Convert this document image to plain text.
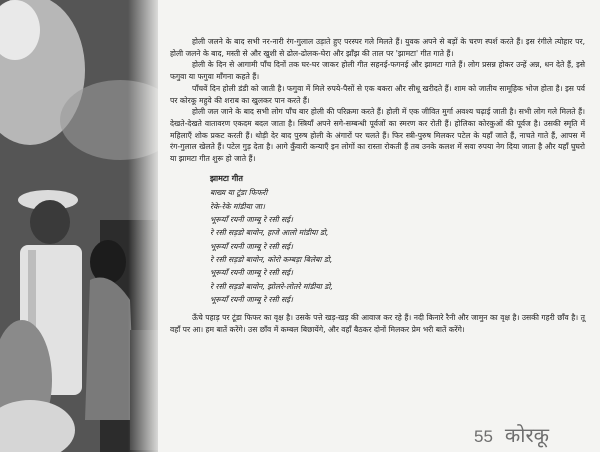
होली जलने के बाद सभी नर-नारी रंग-गुलाल उड़ाते हुए परस्पर गले मिलते हैं। युवक अपने से बड़ों के चरण स्पर्श करते हैं। इस रंगीले त्योहार पर, होली जलने के बाद, मस्ती से और खुशी से ढोल-ढोलक-घेरा और झाँझ की ताल पर 'झामटा' गीत गाते हैं।

होली के दिन से आगामी पाँच दिनों तक घर-घर जाकर होली गीत सहनई-फगनई और झामटा गाते हैं। लोग प्रसन्न होकर उन्हें अन्न, धन देते हैं, इसे फगुवा या फगुवा माँगना कहते हैं।

पाँचवें दिन होली डंडी को जाती है। फगुवा में मिले रुपये-पैसों से एक बकरा और सीधू खरीदते हैं। शाम को जातीय सामूहिक भोज होता है। इस पर्व पर कोरकू महुवे की शराब का खुलकर पान करते हैं।

होली जल जाने के बाद सभी लोग पाँच बार होली की परिक्रमा करते हैं। होली में एक जीवित मुर्गा अवश्य चढ़ाई जाती है। सभी लोग गले मिलते हैं। देखते-देखते वातावरण एकदम बदल जाता है। स्त्रियाँ अपने सगे-सम्बन्धी पूर्वजों का स्मरण कर रोती हैं। होलिका कोरकुओं की पूर्वज है। उसकी स्मृति में महिलाएँ शोक प्रकट करती हैं। थोड़ी देर बाद पुरुष होली के अंगारों पर चलते हैं। फिर स्त्री-पुरुष मिलकर पटेल के यहाँ जाते हैं, नाचते गाते हैं, आपस में रंग-गुलाल खेलते हैं। पटेल गुड़ देता है। आगे कुँवारी कन्याएँ इन लोगों का रास्ता रोकती हैं तब उनके कलश में सवा रुपया नेग दिया जाता है और यहाँ घुघरो या झामटा गीत शुरू हो जाते हैं।

झामटा गीत

बाख्य या टूंडा फिफरी

रेके-रेके मांडीया जा।

भूरूयाँ रयनी जाम्बू रे रसी सई।

रे रसी सड़डो बावोन, हाजे आलो मांडीया डो,

भूरूयाँ रयनी जाम्बू रे रसी सई।

रे रसी सड़डो बावोन, कोरो कम्बड़ा बिलेबा डो,

भूरूयाँ रयनी जाम्बू रे रसी सई।

रे रसी सड़डो बावोन, झोलरे-लोतरे मांडीया डो,

भूरूयाँ रयनी जाम्बू रे रसी सई।

ऊँचे पहाड़ पर टूंडा फिफर का वृक्ष है। उसके पत्ते खड़-खड़ की आवाज कर रहे हैं। नदी किनारे रैनी और जामुन का वृक्ष है। उसकी गहरी छाँव है। तू वहाँ पर आ। हम बातें करेंगे। उस छाँव में कम्बल बिछायेंगे, और वहाँ बैठकर दोनों मिलकर प्रेम भरी बातें करेंगे।

55 कोरकू
